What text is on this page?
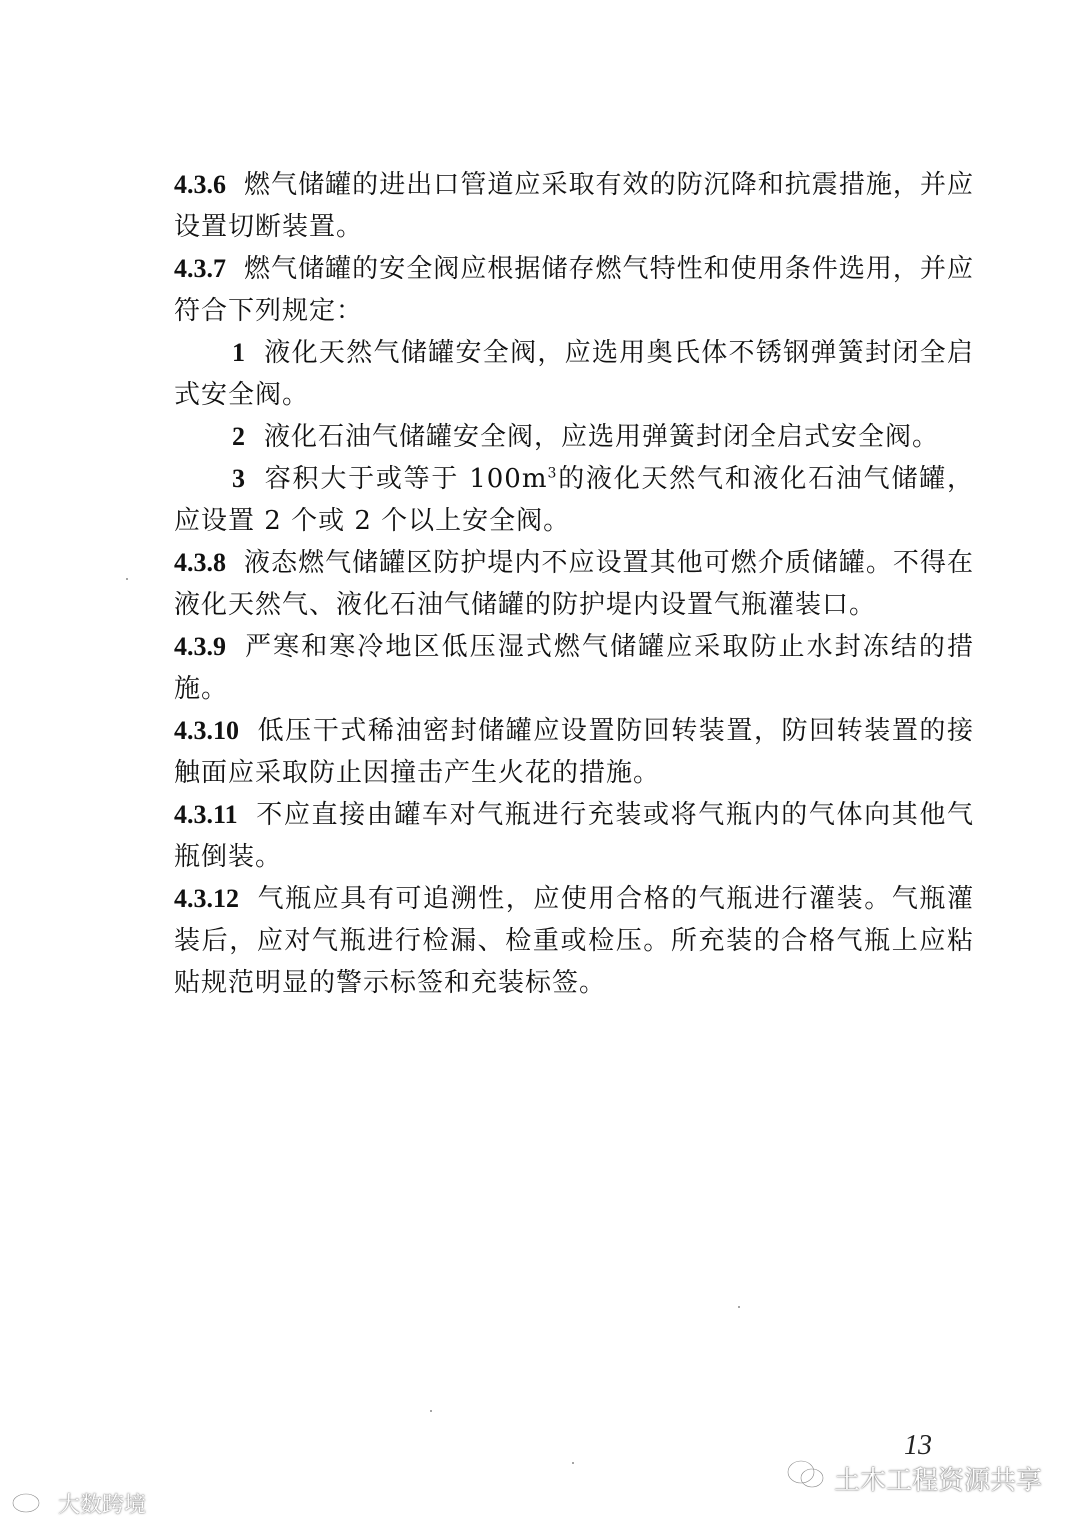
4.3.6 燃气储罐的进出口管道应采取有效的防沉降和抗震措施，并应设置切断装置。

4.3.7 燃气储罐的安全阀应根据储存燃气特性和使用条件选用，并应符合下列规定：

1 液化天然气储罐安全阀，应选用奥氏体不锈钢弹簧封闭全启式安全阀。

2 液化石油气储罐安全阀，应选用弹簧封闭全启式安全阀。

3 容积大于或等于 $100m^3$的液化天然气和液化石油气储罐，应设置 2 个或 2 个以上安全阀。

4.3.8 液态燃气储罐区防护堤内不应设置其他可燃介质储罐。不得在液化天然气、液化石油气储罐的防护堤内设置气瓶灌装口。

4.3.9 严寒和寒冷地区低压湿式燃气储罐应采取防止水封冻结的措施。

4.3.10 低压干式稀油密封储罐应设置防回转装置，防回转装置的接触面应采取防止因撞击产生火花的措施。

4.3.11 不应直接由罐车对气瓶进行充装或将气瓶内的气体向其他气瓶倒装。

4.3.12 气瓶应具有可追溯性，应使用合格的气瓶进行灌装。气瓶灌装后，应对气瓶进行检漏、检重或检压。所充装的合格气瓶上应粘贴规范明显的警示标签和充装标签。

13
土木工程资源共享
大数跨境
